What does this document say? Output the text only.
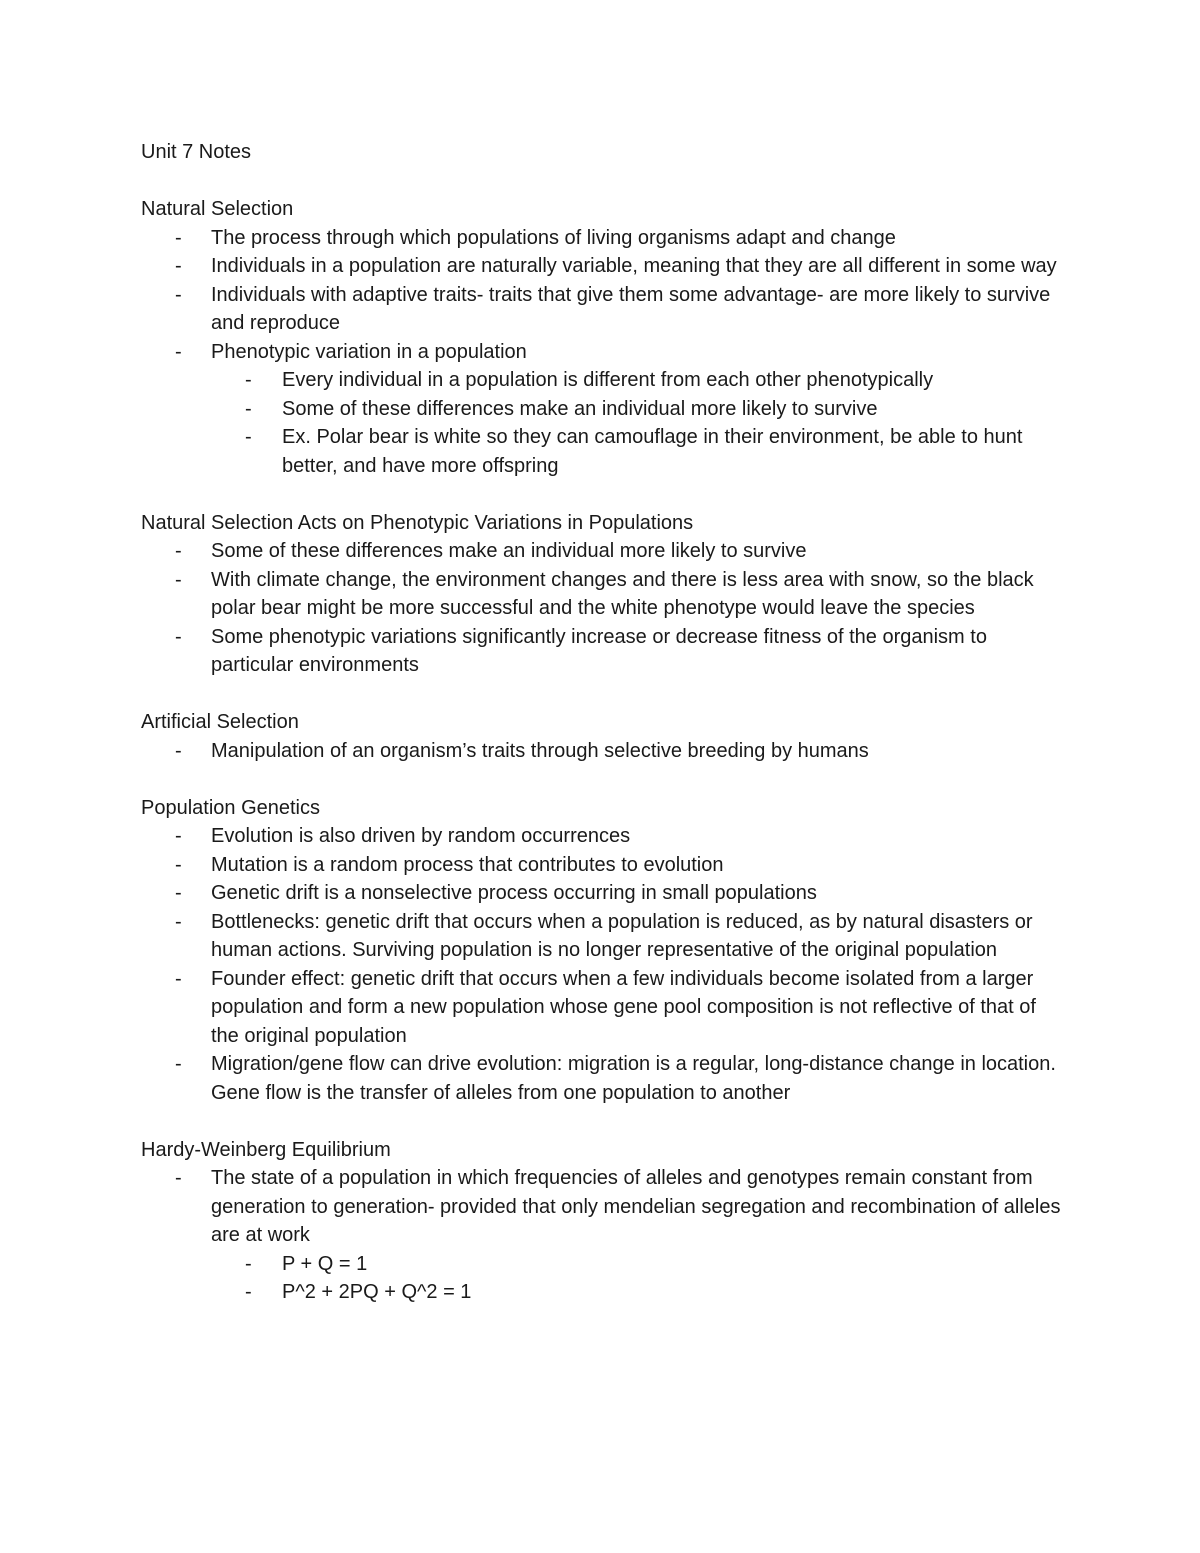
Unit 7 Notes
Natural Selection
- The process through which populations of living organisms adapt and change
- Individuals in a population are naturally variable, meaning that they are all different in some way
- Individuals with adaptive traits- traits that give them some advantage- are more likely to survive and reproduce
- Phenotypic variation in a population
- Every individual in a population is different from each other phenotypically
- Some of these differences make an individual more likely to survive
- Ex. Polar bear is white so they can camouflage in their environment, be able to hunt better, and have more offspring
Natural Selection Acts on Phenotypic Variations in Populations
- Some of these differences make an individual more likely to survive
- With climate change, the environment changes and there is less area with snow, so the black polar bear might be more successful and the white phenotype would leave the species
- Some phenotypic variations significantly increase or decrease fitness of the organism to particular environments
Artificial Selection
- Manipulation of an organism’s traits through selective breeding by humans
Population Genetics
- Evolution is also driven by random occurrences
- Mutation is a random process that contributes to evolution
- Genetic drift is a nonselective process occurring in small populations
- Bottlenecks: genetic drift that occurs when a population is reduced, as by natural disasters or human actions. Surviving population is no longer representative of the original population
- Founder effect: genetic drift that occurs when a few individuals become isolated from a larger population and form a new population whose gene pool composition is not reflective of that of the original population
- Migration/gene flow can drive evolution: migration is a regular, long-distance change in location. Gene flow is the transfer of alleles from one population to another
Hardy-Weinberg Equilibrium
- The state of a population in which frequencies of alleles and genotypes remain constant from generation to generation- provided that only mendelian segregation and recombination of alleles are at work
- P + Q = 1
- P^2 + 2PQ + Q^2 = 1
